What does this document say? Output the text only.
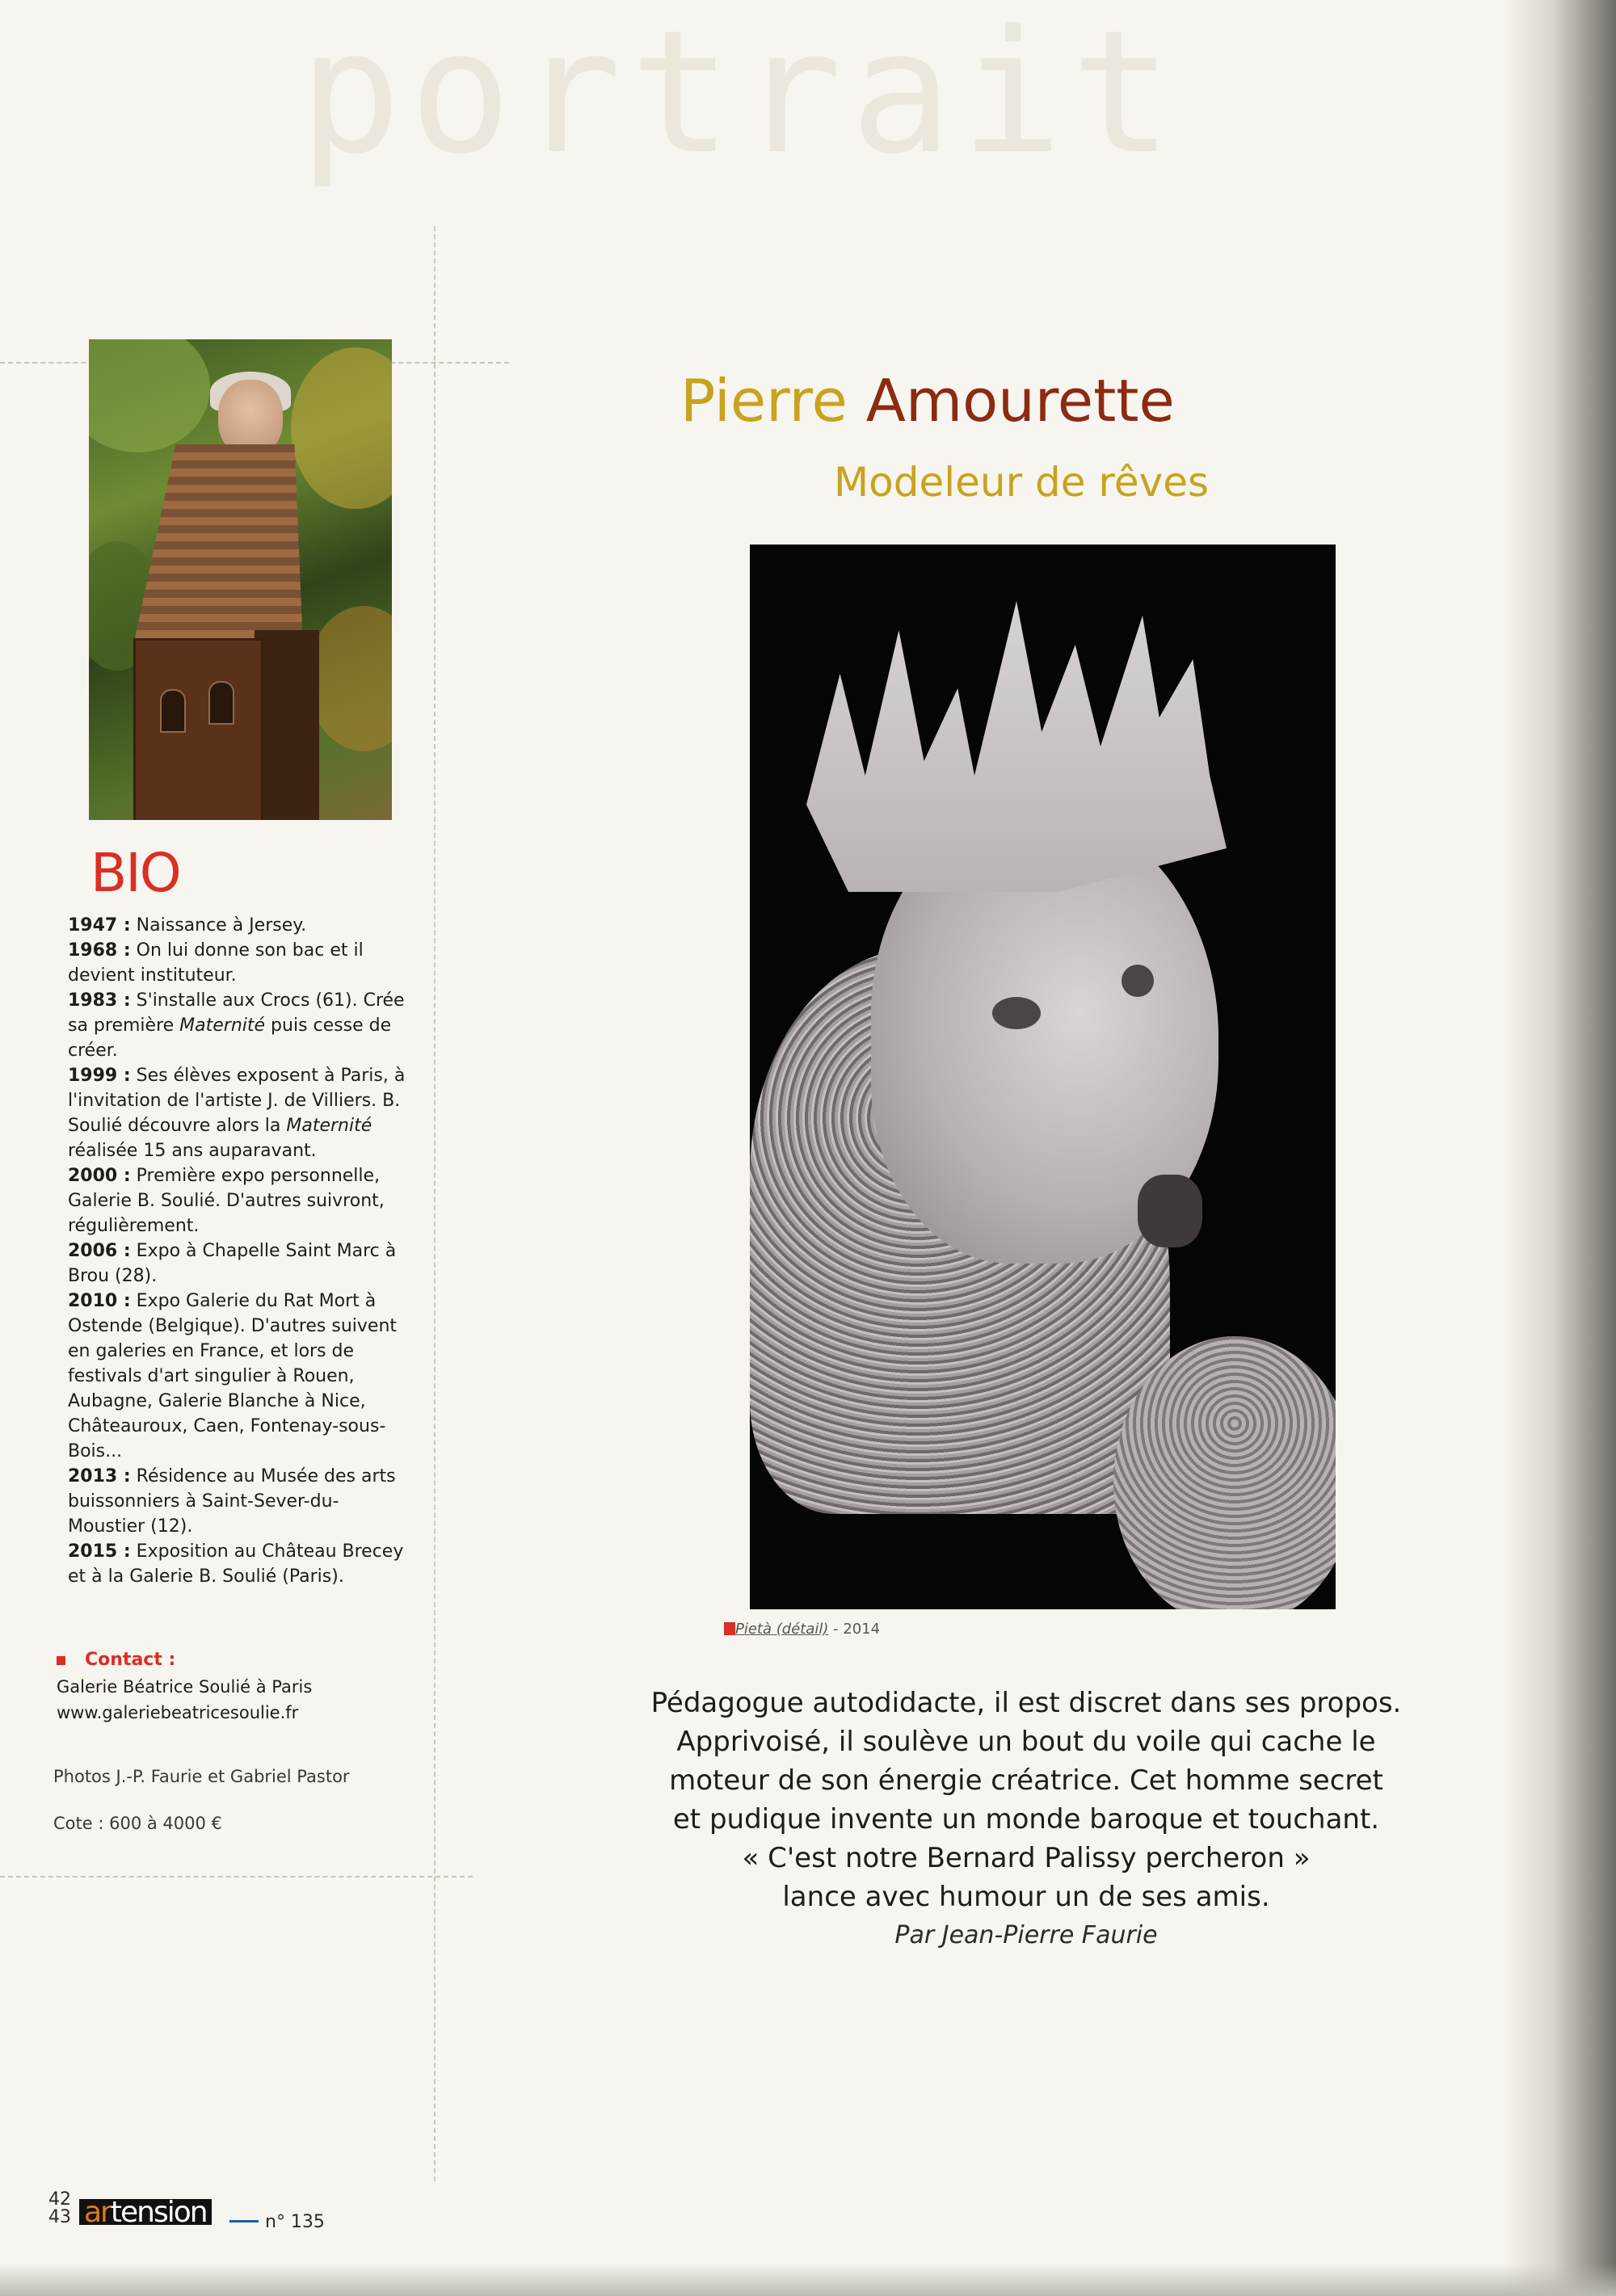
portrait
BIO

1947 : Naissance à Jersey.

1968 : On lui donne son bac et il devient instituteur.

1983 : S'installe aux Crocs (61). Crée sa première Maternité puis cesse de créer.

1999 : Ses élèves exposent à Paris, à l'invitation de l'artiste J. de Villiers. B. Soulié découvre alors la Maternité réalisée 15 ans auparavant.

2000 : Première expo personnelle, Galerie B. Soulié. D'autres suivront, régulièrement.

2006 : Expo à Chapelle Saint Marc à Brou (28).

2010 : Expo Galerie du Rat Mort à Ostende (Belgique). D'autres suivent en galeries en France, et lors de festivals d'art singulier à Rouen, Aubagne, Galerie Blanche à Nice, Châteauroux, Caen, Fontenay-sous-Bois...

2013 : Résidence au Musée des arts buissonniers à Saint-Sever-du-Moustier (12).

2015 : Exposition au Château Brecey et à la Galerie B. Soulié (Paris).

Contact :
Galerie Béatrice Soulié à Paris
www.galeriebeatricesoulie.fr
Photos J.-P. Faurie et Gabriel Pastor
Cote : 600 à 4000 €
Pierre Amourette
Modeleur de rêves
Pietà (détail) - 2014

Pédagogue autodidacte, il est discret dans ses propos.

Apprivoisé, il soulève un bout du voile qui cache le

moteur de son énergie créatrice. Cet homme secret

et pudique invente un monde baroque et touchant.

« C'est notre Bernard Palissy percheron »

lance avec humour un de ses amis.

Par Jean-Pierre Faurie

42
43 artension	n° 135
